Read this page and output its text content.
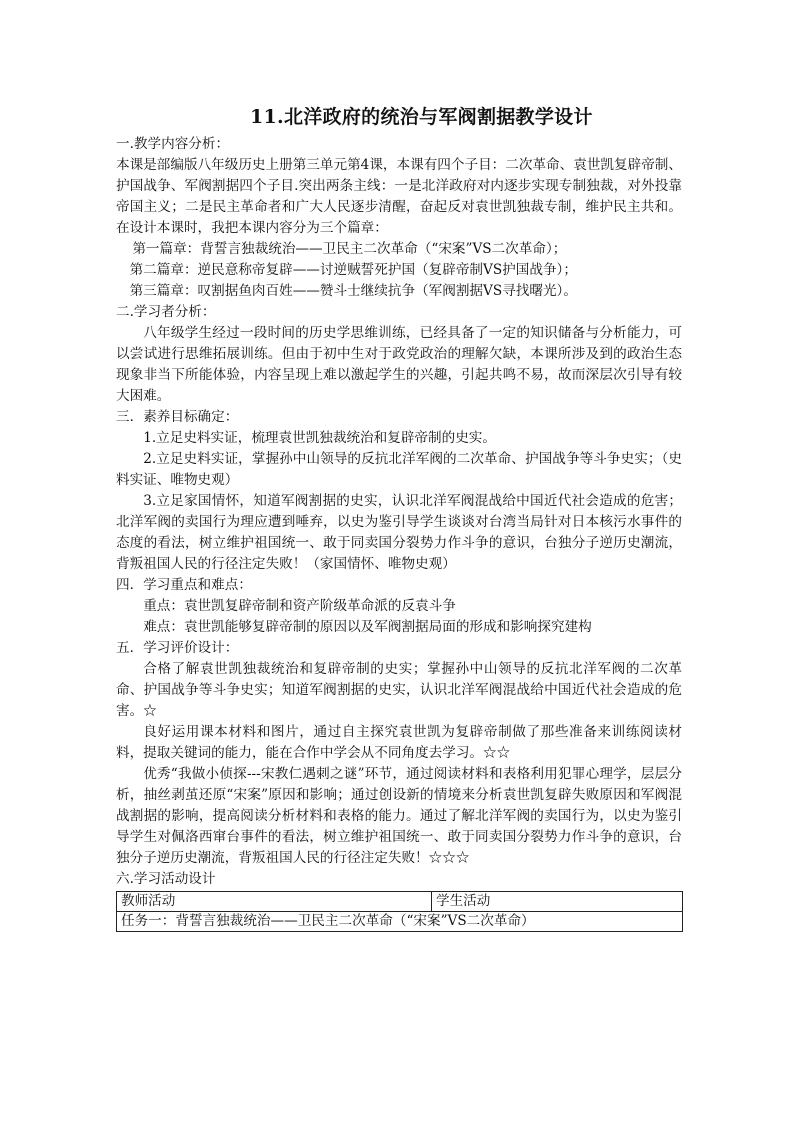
11.北洋政府的统治与军阀割据教学设计
一.教学内容分析：
本课是部编版八年级历史上册第三单元第4课，本课有四个子目：二次革命、袁世凯复辟帝制、护国战争、军阀割据四个子目.突出两条主线：一是北洋政府对内逐步实现专制独裁，对外投靠帝国主义；二是民主革命者和广大人民逐步清醒，奋起反对袁世凯独裁专制，维护民主共和。在设计本课时，我把本课内容分为三个篇章：
第一篇章：背誓言独裁统治——卫民主二次革命（“宋案”VS二次革命）；
第二篇章：逆民意称帝复辟——讨逆贼誓死护国（复辟帝制VS护国战争）；
第三篇章：叹割据鱼肉百姓——赞斗士继续抗争（军阀割据VS寻找曙光）。
二.学习者分析：
八年级学生经过一段时间的历史学思维训练，已经具备了一定的知识储备与分析能力，可以尝试进行思维拓展训练。但由于初中生对于政党政治的理解欠缺，本课所涉及到的政治生态现象非当下所能体验，内容呈现上难以激起学生的兴趣，引起共鸣不易，故而深层次引导有较大困难。
三．素养目标确定：
1.立足史料实证，梳理袁世凯独裁统治和复辟帝制的史实。
2.立足史料实证，掌握孙中山领导的反抗北洋军阀的二次革命、护国战争等斗争史实；（史料实证、唯物史观）
3.立足家国情怀，知道军阀割据的史实，认识北洋军阀混战给中国近代社会造成的危害；北洋军阀的卖国行为理应遭到唾弃，以史为鉴引导学生谈谈对台湾当局针对日本核污水事件的态度的看法，树立维护祖国统一、敢于同卖国分裂势力作斗争的意识，台独分子逆历史潮流，背叛祖国人民的行径注定失败！（家国情怀、唯物史观）
四．学习重点和难点：
重点：袁世凯复辟帝制和资产阶级革命派的反袁斗争
难点：袁世凯能够复辟帝制的原因以及军阀割据局面的形成和影响探究建构
五．学习评价设计：
合格了解袁世凯独裁统治和复辟帝制的史实；掌握孙中山领导的反抗北洋军阀的二次革命、护国战争等斗争史实；知道军阀割据的史实，认识北洋军阀混战给中国近代社会造成的危害。☆
良好运用课本材料和图片，通过自主探究袁世凯为复辟帝制做了那些准备来训练阅读材料，提取关键词的能力，能在合作中学会从不同角度去学习。☆☆
优秀“我做小侦探---宋教仁遇刺之谜”环节，通过阅读材料和表格利用犯罪心理学，层层分析，抽丝剥茧还原“宋案”原因和影响；通过创设新的情境来分析袁世凯复辟失败原因和军阀混战割据的影响，提高阅读分析材料和表格的能力。通过了解北洋军阀的卖国行为，以史为鉴引导学生对佩洛西窜台事件的看法，树立维护祖国统一、敢于同卖国分裂势力作斗争的意识，台独分子逆历史潮流，背叛祖国人民的行径注定失败！☆☆☆
六.学习活动设计
教师活动	学生活动
任务一：背誓言独裁统治——卫民主二次革命（“宋案”VS二次革命）
